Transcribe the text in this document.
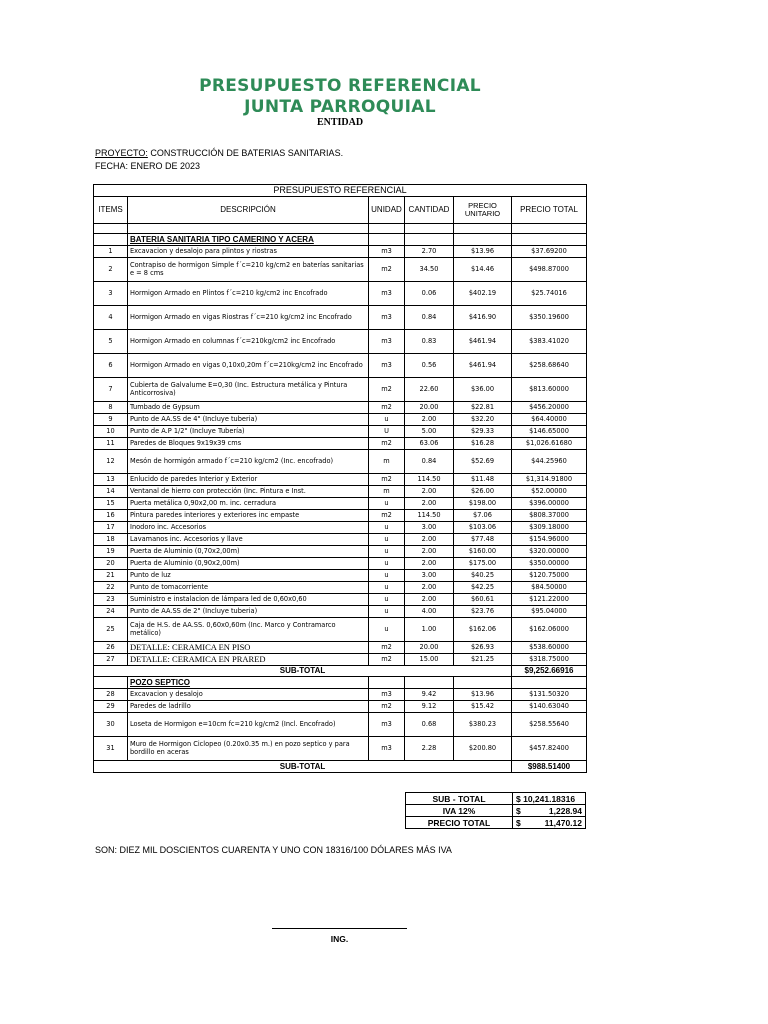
PRESUPUESTO REFERENCIAL
JUNTA PARROQUIAL
ENTIDAD
PROYECTO: CONSTRUCCIÓN DE BATERIAS SANITARIAS.
FECHA: ENERO DE 2023
PRESUPUESTO REFERENCIAL					
ITEMS	DESCRIPCIÓN	UNIDAD	CANTIDAD	PRECIO UNITARIO	PRECIO TOTAL

	BATERIA SANITARIA TIPO CAMERINO Y ACERA				
1	Excavacion y desalojo para plintos y riostras	m3	2.70	$13.96	$37.69200
2	Contrapiso de hormigon Simple f´c=210 kg/cm2 en baterías sanitarias e = 8 cms	m2	34.50	$14.46	$498.87000
3	Hormigon Armado en Plintos f´c=210 kg/cm2 inc Encofrado	m3	0.06	$402.19	$25.74016
4	Hormigon Armado en vigas Riostras f´c=210 kg/cm2 inc Encofrado	m3	0.84	$416.90	$350.19600
5	Hormigon Armado en columnas f´c=210kg/cm2 inc Encofrado	m3	0.83	$461.94	$383.41020
6	Hormigon Armado en vigas 0,10x0,20m f´c=210kg/cm2 inc Encofrado	m3	0.56	$461.94	$258.68640
7	Cubierta de Galvalume E=0,30 (Inc. Estructura metálica y Pintura Anticorrosiva)	m2	22.60	$36.00	$813.60000
8	Tumbado de Gypsum	m2	20.00	$22.81	$456.20000
9	Punto de AA.SS de 4" (Incluye tuberia)	u	2.00	$32.20	$64.40000
10	Punto de A.P 1/2" (Incluye Tubería)	U	5.00	$29.33	$146.65000
11	Paredes de Bloques 9x19x39 cms	m2	63.06	$16.28	$1,026.61680
12	Mesón de hormigón armado f´c=210 kg/cm2 (Inc. encofrado)	m	0.84	$52.69	$44.25960
13	Enlucido de paredes Interior y Exterior	m2	114.50	$11.48	$1,314.91800
14	Ventanal de hierro con protección (Inc. Pintura e Inst.	m	2.00	$26.00	$52.00000
15	Puerta metálica 0,90x2,00 m. inc. cerradura	u	2.00	$198.00	$396.00000
16	Pintura paredes interiores y exteriores inc empaste	m2	114.50	$7.06	$808.37000
17	Inodoro inc. Accesorios	u	3.00	$103.06	$309.18000
18	Lavamanos inc. Accesorios y llave	u	2.00	$77.48	$154.96000
19	Puerta de Aluminio (0,70x2,00m)	u	2.00	$160.00	$320.00000
20	Puerta de Aluminio (0,90x2,00m)	u	2.00	$175.00	$350.00000
21	Punto de luz	u	3.00	$40.25	$120.75000
22	Punto de tomacorriente	u	2.00	$42.25	$84.50000
23	Suministro e instalacion de lámpara led de 0,60x0,60	u	2.00	$60.61	$121.22000
24	Punto de AA.SS de 2" (Incluye tuberia)	u	4.00	$23.76	$95.04000
25	Caja de H.S. de AA.SS. 0,60x0,60m (Inc. Marco y Contramarco metálico)	u	1.00	$162.06	$162.06000
26	DETALLE: CERAMICA EN PISO	m2	20.00	$26.93	$538.60000
27	DETALLE: CERAMICA EN PRARED	m2	15.00	$21.25	$318.75000
SUB-TOTAL					$9,252.66916
	POZO SEPTICO				
28	Excavacion y desalojo	m3	9.42	$13.96	$131.50320
29	Paredes de ladrillo	m2	9.12	$15.42	$140.63040
30	Loseta de Hormigon e=10cm fc=210 kg/cm2 (Incl. Encofrado)	m3	0.68	$380.23	$258.55640
31	Muro de Hormigon Ciclopeo (0.20x0.35 m.) en pozo septico y para bordillo en aceras	m3	2.28	$200.80	$457.82400
SUB-TOTAL					$988.51400
SUB - TOTAL	$ 10,241.18316
IVA 12%	$ 1,228.94

PRECIO TOTAL	$ 11,470.12
SON: DIEZ MIL DOSCIENTOS CUARENTA Y UNO CON 18316/100 DÓLARES MÁS IVA
ING.
